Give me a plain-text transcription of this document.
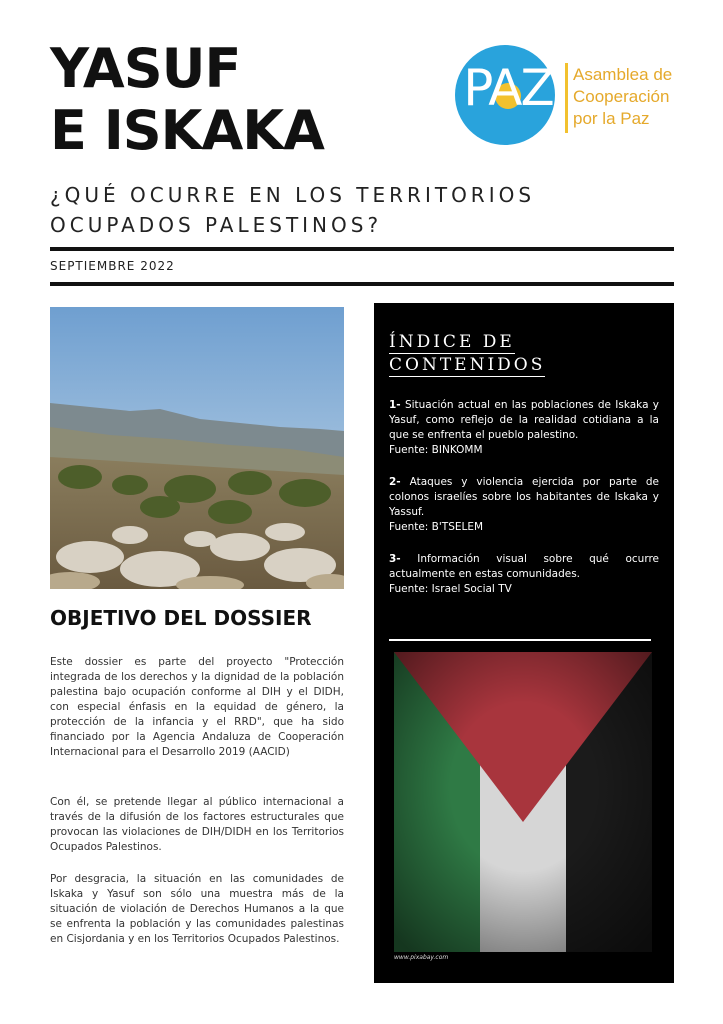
YASUF
E ISKAKA
PAZ Asamblea de
Cooperación
por la Paz
¿QUÉ OCURRE EN LOS TERRITORIOS OCUPADOS PALESTINOS?
SEPTIEMBRE 2022
OBJETIVO DEL DOSSIER

Este dossier es parte del proyecto "Protección integrada de los derechos y la dignidad de la población palestina bajo ocupación conforme al DIH y el DIDH, con especial énfasis en la equidad de género, la protección de la infancia y el RRD", que ha sido financiado por la Agencia Andaluza de Cooperación Internacional para el Desarrollo 2019 (AACID)

Con él, se pretende llegar al público internacional a través de la difusión de los factores estructurales que provocan las violaciones de DIH/DIDH en los Territorios Ocupados Palestinos.

Por desgracia, la situación en las comunidades de Iskaka y Yasuf son sólo una muestra más de la situación de violación de Derechos Humanos a la que se enfrenta la población y las comunidades palestinas en Cisjordania y en los Territorios Ocupados Palestinos.

ÍNDICE DE
CONTENIDOS
1- Situación actual en las poblaciones de Iskaka y Yasuf, como reflejo de la realidad cotidiana a la que se enfrenta el pueblo palestino.
Fuente: BINKOMM
2- Ataques y violencia ejercida por parte de colonos israelíes sobre los habitantes de Iskaka y Yassuf.
Fuente: B'TSELEM
3- Información visual sobre qué ocurre actualmente en estas comunidades.
Fuente: Israel Social TV
www.pixabay.com
